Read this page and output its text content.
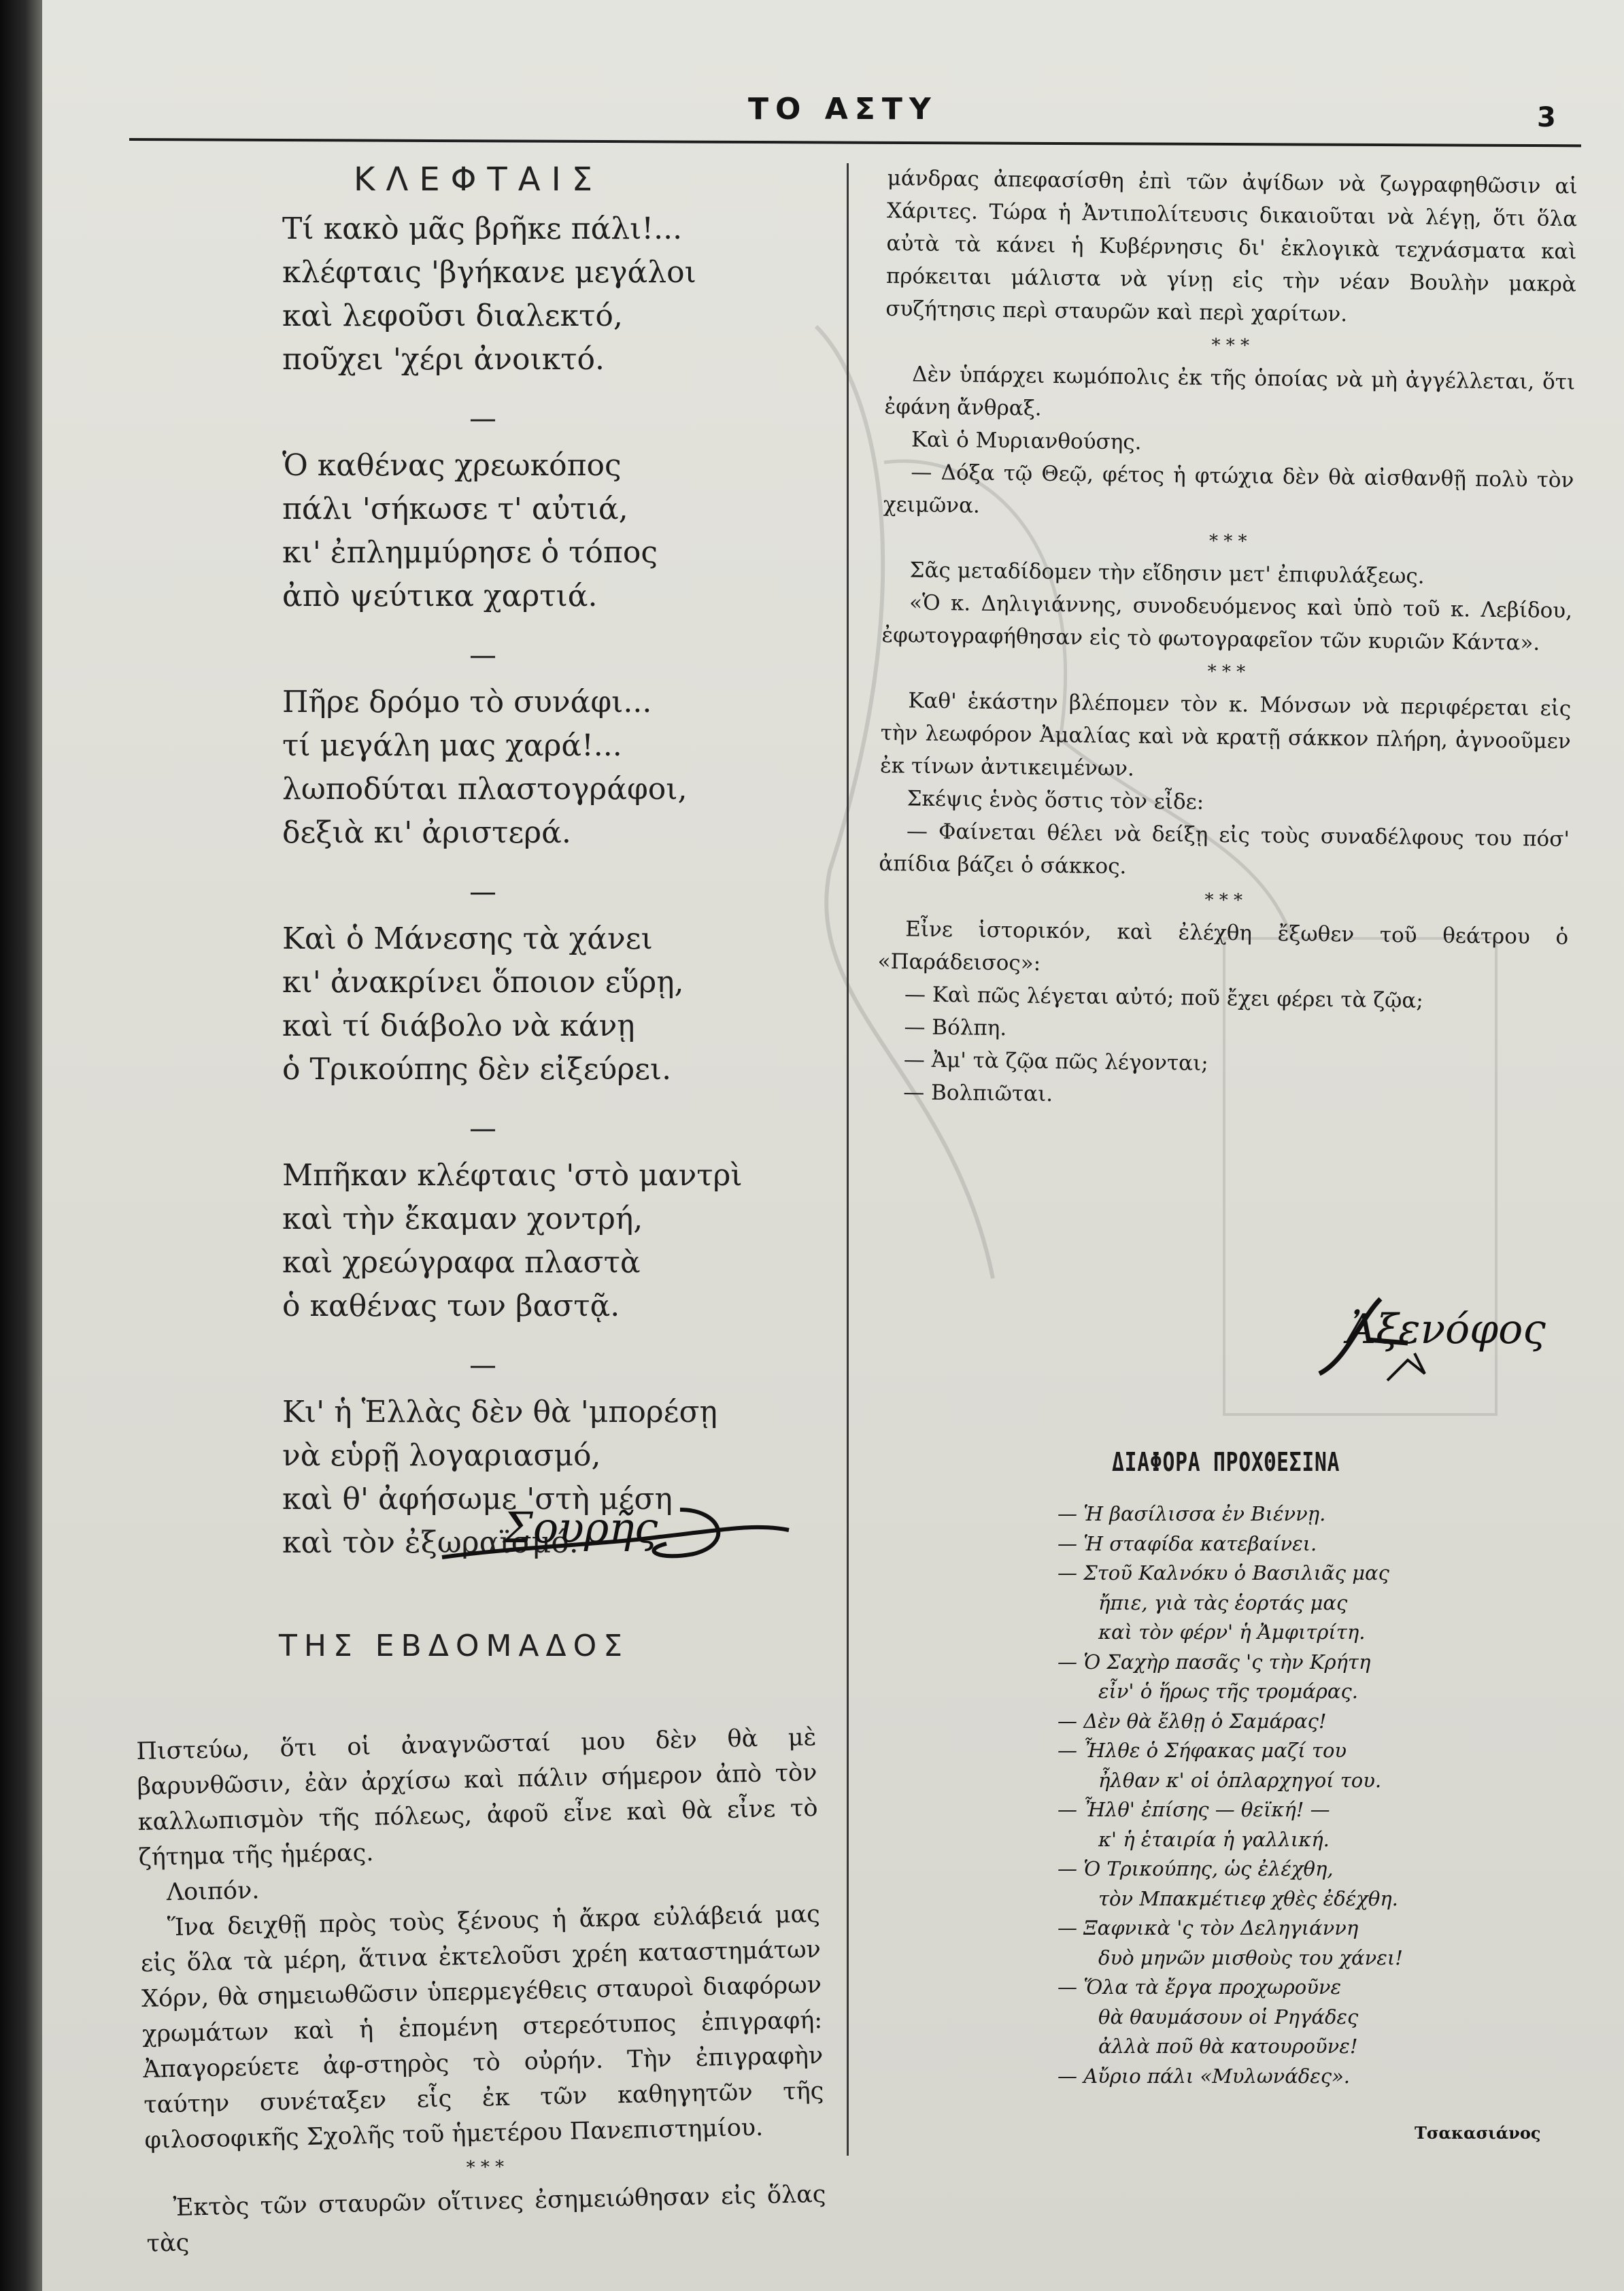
ΤΟ ΑΣΤΥ	3
ΚΛΕΦΤΑΙΣ
Τί κακὸ μᾶς βρῆκε πάλι!...
κλέφταις 'βγήκανε μεγάλοι
καὶ λεφοῦσι διαλεκτό,
ποῦχει 'χέρι ἀνοικτό.
—
Ὁ καθένας χρεωκόπος
πάλι 'σήκωσε τ' αὐτιά,
κι' ἐπλημμύρησε ὁ τόπος
ἀπὸ ψεύτικα χαρτιά.
—
Πῆρε δρόμο τὸ συνάφι...
τί μεγάλη μας χαρά!...
λωποδύται πλαστογράφοι,
δεξιὰ κι' ἀριστερά.
—
Καὶ ὁ Μάνεσης τὰ χάνει
κι' ἀνακρίνει ὅποιον εὕρῃ,
καὶ τί διάβολο νὰ κάνῃ
ὁ Τρικούπης δὲν εἰξεύρει.
—
Μπῆκαν κλέφταις 'στὸ μαντρὶ
καὶ τὴν ἔκαμαν χοντρή,
καὶ χρεώγραφα πλαστὰ
ὁ καθένας των βαστᾷ.
—
Κι' ἡ Ἑλλὰς δὲν θὰ 'μπορέσῃ
νὰ εὑρῇ λογαριασμό,
καὶ θ' ἀφήσωμε 'στὴ μέση
καὶ τὸν ἐξωραϊσμό.
Σουρῆς
ΤΗΣ ΕΒΔΟΜΑΔΟΣ

Πιστεύω, ὅτι οἱ ἀναγνῶσταί μου δὲν θὰ μὲ βαρυνθῶσιν, ἐὰν ἀρχίσω καὶ πάλιν σήμερον ἀπὸ τὸν καλλωπισμὸν τῆς πόλεως, ἀφοῦ εἶνε καὶ θὰ εἶνε τὸ ζήτημα τῆς ἡμέρας.

Λοιπόν.

Ἵνα δειχθῇ πρὸς τοὺς ξένους ἡ ἄκρα εὐλάβειά μας εἰς ὅλα τὰ μέρη, ἅτινα ἐκτελοῦσι χρέη καταστημάτων Χόρν, θὰ σημειωθῶσιν ὑπερμεγέθεις σταυροὶ διαφόρων χρωμάτων καὶ ἡ ἑπομένη στερεότυπος ἐπιγραφή: Ἀπαγορεύετε ἀφ-στηρὸς τὸ οὐρήν. Τὴν ἐπιγραφὴν ταύτην συνέταξεν εἷς ἐκ τῶν καθηγητῶν τῆς φιλοσοφικῆς Σχολῆς τοῦ ἡμετέρου Πανεπιστημίου.

* * *

Ἐκτὸς τῶν σταυρῶν οἵτινες ἐσημειώθησαν εἰς ὅλας τὰς

μάνδρας ἀπεφασίσθη ἐπὶ τῶν ἀψίδων νὰ ζωγραφηθῶσιν αἱ Χάριτες. Τώρα ἡ Ἀντιπολίτευσις δικαιοῦται νὰ λέγῃ, ὅτι ὅλα αὐτὰ τὰ κάνει ἡ Κυβέρνησις δι' ἐκλογικὰ τεχνάσματα καὶ πρόκειται μάλιστα νὰ γίνῃ εἰς τὴν νέαν Βουλὴν μακρὰ συζήτησις περὶ σταυρῶν καὶ περὶ χαρίτων.

* * *

Δὲν ὑπάρχει κωμόπολις ἐκ τῆς ὁποίας νὰ μὴ ἀγγέλλεται, ὅτι ἐφάνη ἄνθραξ.

Καὶ ὁ Μυριανθούσης.

— Δόξα τῷ Θεῷ, φέτος ἡ φτώχια δὲν θὰ αἰσθανθῇ πολὺ τὸν χειμῶνα.

* * *

Σᾶς μεταδίδομεν τὴν εἴδησιν μετ' ἐπιφυλάξεως.

«Ὁ κ. Δηλιγιάννης, συνοδευόμενος καὶ ὑπὸ τοῦ κ. Λεβίδου, ἐφωτογραφήθησαν εἰς τὸ φωτογραφεῖον τῶν κυριῶν Κάντα».

* * *

Καθ' ἑκάστην βλέπομεν τὸν κ. Μόνσων νὰ περιφέρεται εἰς τὴν λεωφόρον Ἀμαλίας καὶ νὰ κρατῇ σάκκον πλήρη, ἀγνοοῦμεν ἐκ τίνων ἀντικειμένων.

Σκέψις ἑνὸς ὅστις τὸν εἶδε:

— Φαίνεται θέλει νὰ δείξῃ εἰς τοὺς συναδέλφους του πόσ' ἀπίδια βάζει ὁ σάκκος.

* * *

Εἶνε ἱστορικόν, καὶ ἐλέχθη ἔξωθεν τοῦ θεάτρου ὁ «Παράδεισος»:

— Καὶ πῶς λέγεται αὐτό; ποῦ ἔχει φέρει τὰ ζῷα;

— Βόλπη.

— Ἀμ' τὰ ζῷα πῶς λέγονται;

— Βολπιῶται.

Ἀξενόφος
ΔΙΑΦΟΡΑ ΠΡΟΧΘΕΣΙΝΑ
— Ἡ βασίλισσα ἐν Βιέννῃ.
— Ἡ σταφίδα κατεβαίνει.
— Στοῦ Καλνόκυ ὁ Βασιλιᾶς μας
ἤπιε, γιὰ τὰς ἑορτάς μας
καὶ τὸν φέρν' ἡ Ἀμφιτρίτη.
— Ὁ Σαχὴρ πασᾶς 'ς τὴν Κρήτη
εἶν' ὁ ἥρως τῆς τρομάρας.
— Δὲν θὰ ἔλθῃ ὁ Σαμάρας!
— Ἦλθε ὁ Σήφακας μαζί του
ἦλθαν κ' οἱ ὁπλαρχηγοί του.
— Ἦλθ' ἐπίσης — θεϊκή! —
κ' ἡ ἑταιρία ἡ γαλλική.
— Ὁ Τρικούπης, ὡς ἐλέχθη,
τὸν Μπακμέτιεφ χθὲς ἐδέχθη.
— Ξαφνικὰ 'ς τὸν Δεληγιάννη
δυὸ μηνῶν μισθοὺς του χάνει!
— Ὅλα τὰ ἔργα προχωροῦνε
θὰ θαυμάσουν οἱ Ρηγάδες
ἀλλὰ ποῦ θὰ κατουροῦνε!
— Αὔριο πάλι «Μυλωνάδες».
Τσακασιάνος
